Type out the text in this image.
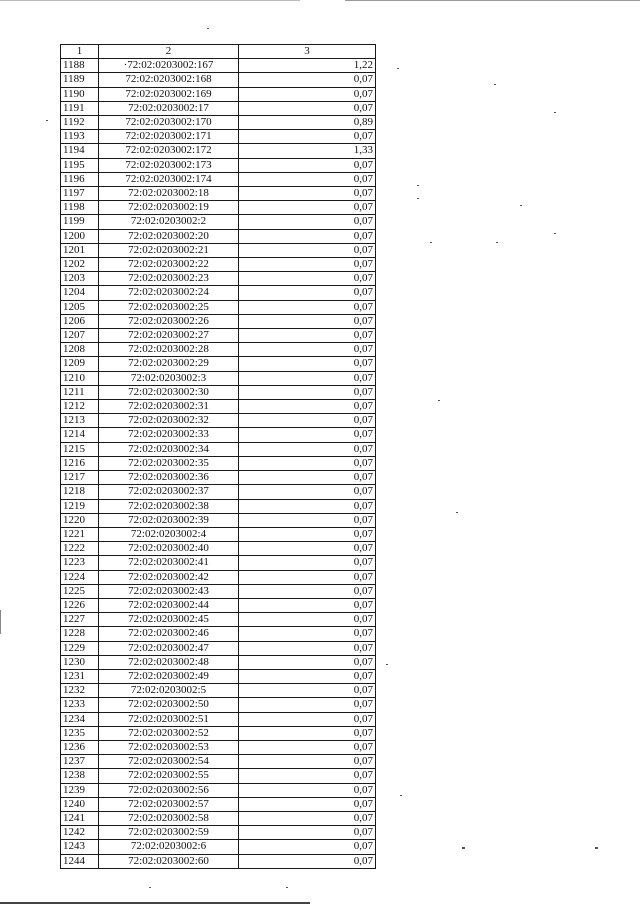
1	2	3
1188	·72:02:0203002:167	1,22
1189	72:02:0203002:168	0,07
1190	72:02:0203002:169	0,07
1191	72:02:0203002:17	0,07
1192	72:02:0203002:170	0,89
1193	72:02:0203002:171	0,07
1194	72:02:0203002:172	1,33
1195	72:02:0203002:173	0,07
1196	72:02:0203002:174	0,07
1197	72:02:0203002:18	0,07
1198	72:02:0203002:19	0,07
1199	72:02:0203002:2	0,07
1200	72:02:0203002:20	0,07
1201	72:02:0203002:21	0,07
1202	72:02:0203002:22	0,07
1203	72:02:0203002:23	0,07
1204	72:02:0203002:24	0,07
1205	72:02:0203002:25	0,07
1206	72:02:0203002:26	0,07
1207	72:02:0203002:27	0,07
1208	72:02:0203002:28	0,07
1209	72:02:0203002:29	0,07
1210	72:02:0203002:3	0,07
1211	72:02:0203002:30	0,07
1212	72:02:0203002:31	0,07
1213	72:02:0203002:32	0,07
1214	72:02:0203002:33	0,07
1215	72:02:0203002:34	0,07
1216	72:02:0203002:35	0,07
1217	72:02:0203002:36	0,07
1218	72:02:0203002:37	0,07
1219	72:02:0203002:38	0,07
1220	72:02:0203002:39	0,07
1221	72:02:0203002:4	0,07
1222	72:02:0203002:40	0,07
1223	72:02:0203002:41	0,07
1224	72:02:0203002:42	0,07
1225	72:02:0203002:43	0,07
1226	72:02:0203002:44	0,07
1227	72:02:0203002:45	0,07
1228	72:02:0203002:46	0,07
1229	72:02:0203002:47	0,07
1230	72:02:0203002:48	0,07
1231	72:02:0203002:49	0,07
1232	72:02:0203002:5	0,07
1233	72:02:0203002:50	0,07
1234	72:02:0203002:51	0,07
1235	72:02:0203002:52	0,07
1236	72:02:0203002:53	0,07
1237	72:02:0203002:54	0,07
1238	72:02:0203002:55	0,07
1239	72:02:0203002:56	0,07
1240	72:02:0203002:57	0,07
1241	72:02:0203002:58	0,07
1242	72:02:0203002:59	0,07
1243	72:02:0203002:6	0,07
1244	72:02:0203002:60	0,07
